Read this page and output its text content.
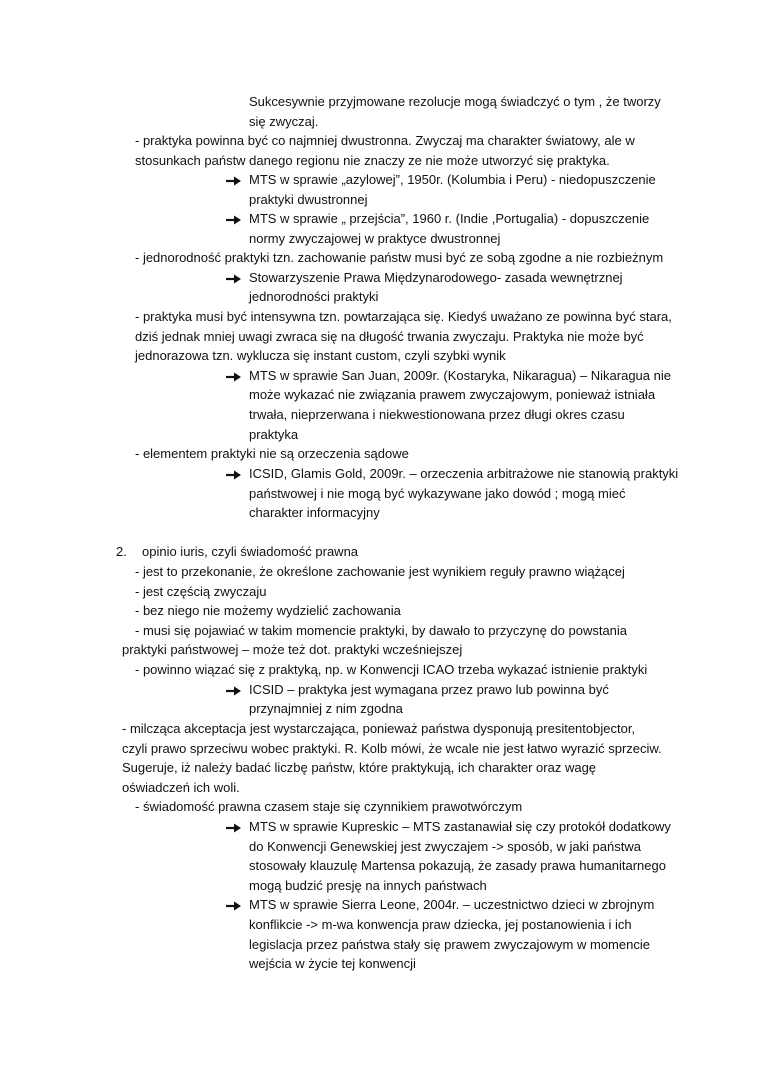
Sukcesywnie przyjmowane rezolucje mogą świadczyć o tym , że tworzy
się zwyczaj.
- praktyka powinna być co najmniej dwustronna. Zwyczaj ma charakter światowy, ale w
stosunkach państw danego regionu nie znaczy ze nie może utworzyć się praktyka.
MTS w sprawie „azylowej”, 1950r. (Kolumbia i Peru) - niedopuszczenie
praktyki dwustronnej
MTS w sprawie „ przejścia”, 1960 r. (Indie ,Portugalia) - dopuszczenie
normy zwyczajowej w praktyce dwustronnej
- jednorodność praktyki tzn. zachowanie państw musi być ze sobą zgodne a nie rozbieżnym
Stowarzyszenie Prawa Międzynarodowego- zasada wewnętrznej
jednorodności praktyki
- praktyka musi być intensywna tzn. powtarzająca się. Kiedyś uważano ze powinna być stara,
dziś jednak mniej uwagi zwraca się na długość trwania zwyczaju. Praktyka nie może być
jednorazowa tzn. wyklucza się instant custom, czyli szybki wynik
MTS w sprawie San Juan, 2009r. (Kostaryka, Nikaragua) – Nikaragua nie
może wykazać nie związania prawem zwyczajowym, ponieważ istniała
trwała, nieprzerwana i niekwestionowana przez długi okres czasu
praktyka
- elementem praktyki nie są orzeczenia sądowe
ICSID, Glamis Gold, 2009r. – orzeczenia arbitrażowe nie stanowią praktyki
państwowej i nie mogą być wykazywane jako dowód ; mogą mieć
charakter informacyjny
2. opinio iuris, czyli świadomość prawna
- jest to przekonanie, że określone zachowanie jest wynikiem reguły prawno wiążącej
- jest częścią zwyczaju
- bez niego nie możemy wydzielić zachowania
- musi się pojawiać w takim momencie praktyki, by dawało to przyczynę do powstania
praktyki państwowej – może też dot. praktyki wcześniejszej
- powinno wiązać się z praktyką, np. w Konwencji ICAO trzeba wykazać istnienie praktyki
ICSID – praktyka jest wymagana przez prawo lub powinna być
przynajmniej z nim zgodna
- milcząca akceptacja jest wystarczająca, ponieważ państwa dysponują presitentobjector,
czyli prawo sprzeciwu wobec praktyki. R. Kolb mówi, że wcale nie jest łatwo wyrazić sprzeciw.
Sugeruje, iż należy badać liczbę państw, które praktykują, ich charakter oraz wagę
oświadczeń ich woli.
- świadomość prawna czasem staje się czynnikiem prawotwórczym
MTS w sprawie Kupreskic – MTS zastanawiał się czy protokół dodatkowy
do Konwencji Genewskiej jest zwyczajem -> sposób, w jaki państwa
stosowały klauzulę Martensa pokazują, że zasady prawa humanitarnego
mogą budzić presję na innych państwach
MTS w sprawie Sierra Leone, 2004r. – uczestnictwo dzieci w zbrojnym
konflikcie -> m-wa konwencja praw dziecka, jej postanowienia i ich
legislacja przez państwa stały się prawem zwyczajowym w momencie
wejścia w życie tej konwencji
